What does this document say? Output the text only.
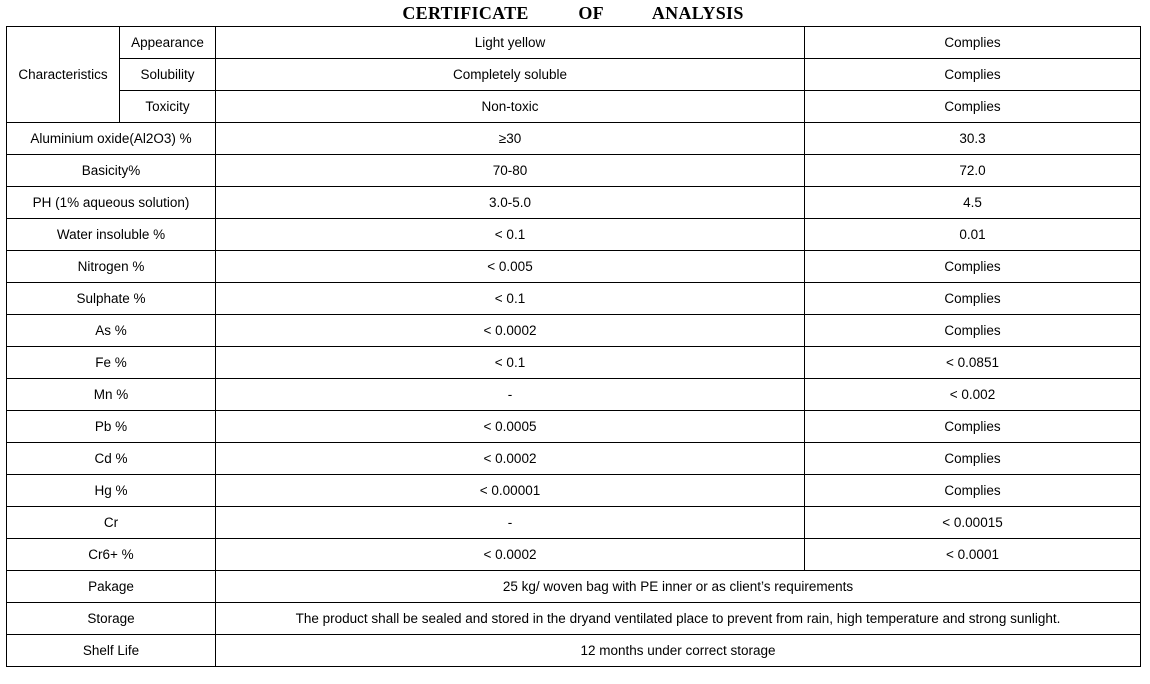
CERTIFICATE  OF  ANALYSIS
Characteristics	Appearance	Light yellow	Complies
	Solubility	Completely soluble	Complies
	Toxicity	Non-toxic	Complies
Aluminium oxide(Al2O3) %		≥30	30.3
Basicity%		70-80	72.0
PH (1% aqueous solution)		3.0-5.0	4.5
Water insoluble %		< 0.1	0.01
Nitrogen %		< 0.005	Complies
Sulphate %		< 0.1	Complies
As %		< 0.0002	Complies
Fe %		< 0.1	< 0.0851
Mn %		-	< 0.002
Pb %		< 0.0005	Complies
Cd %		< 0.0002	Complies
Hg %		< 0.00001	Complies
Cr		-	< 0.00015
Cr6+ %		< 0.0002	< 0.0001
Pakage		25 kg/ woven bag with PE inner or as client’s requirements	
Storage		The product shall be sealed and stored in the dryand ventilated place to prevent from rain, high temperature and strong sunlight.	
Shelf Life		12 months under correct storage	
